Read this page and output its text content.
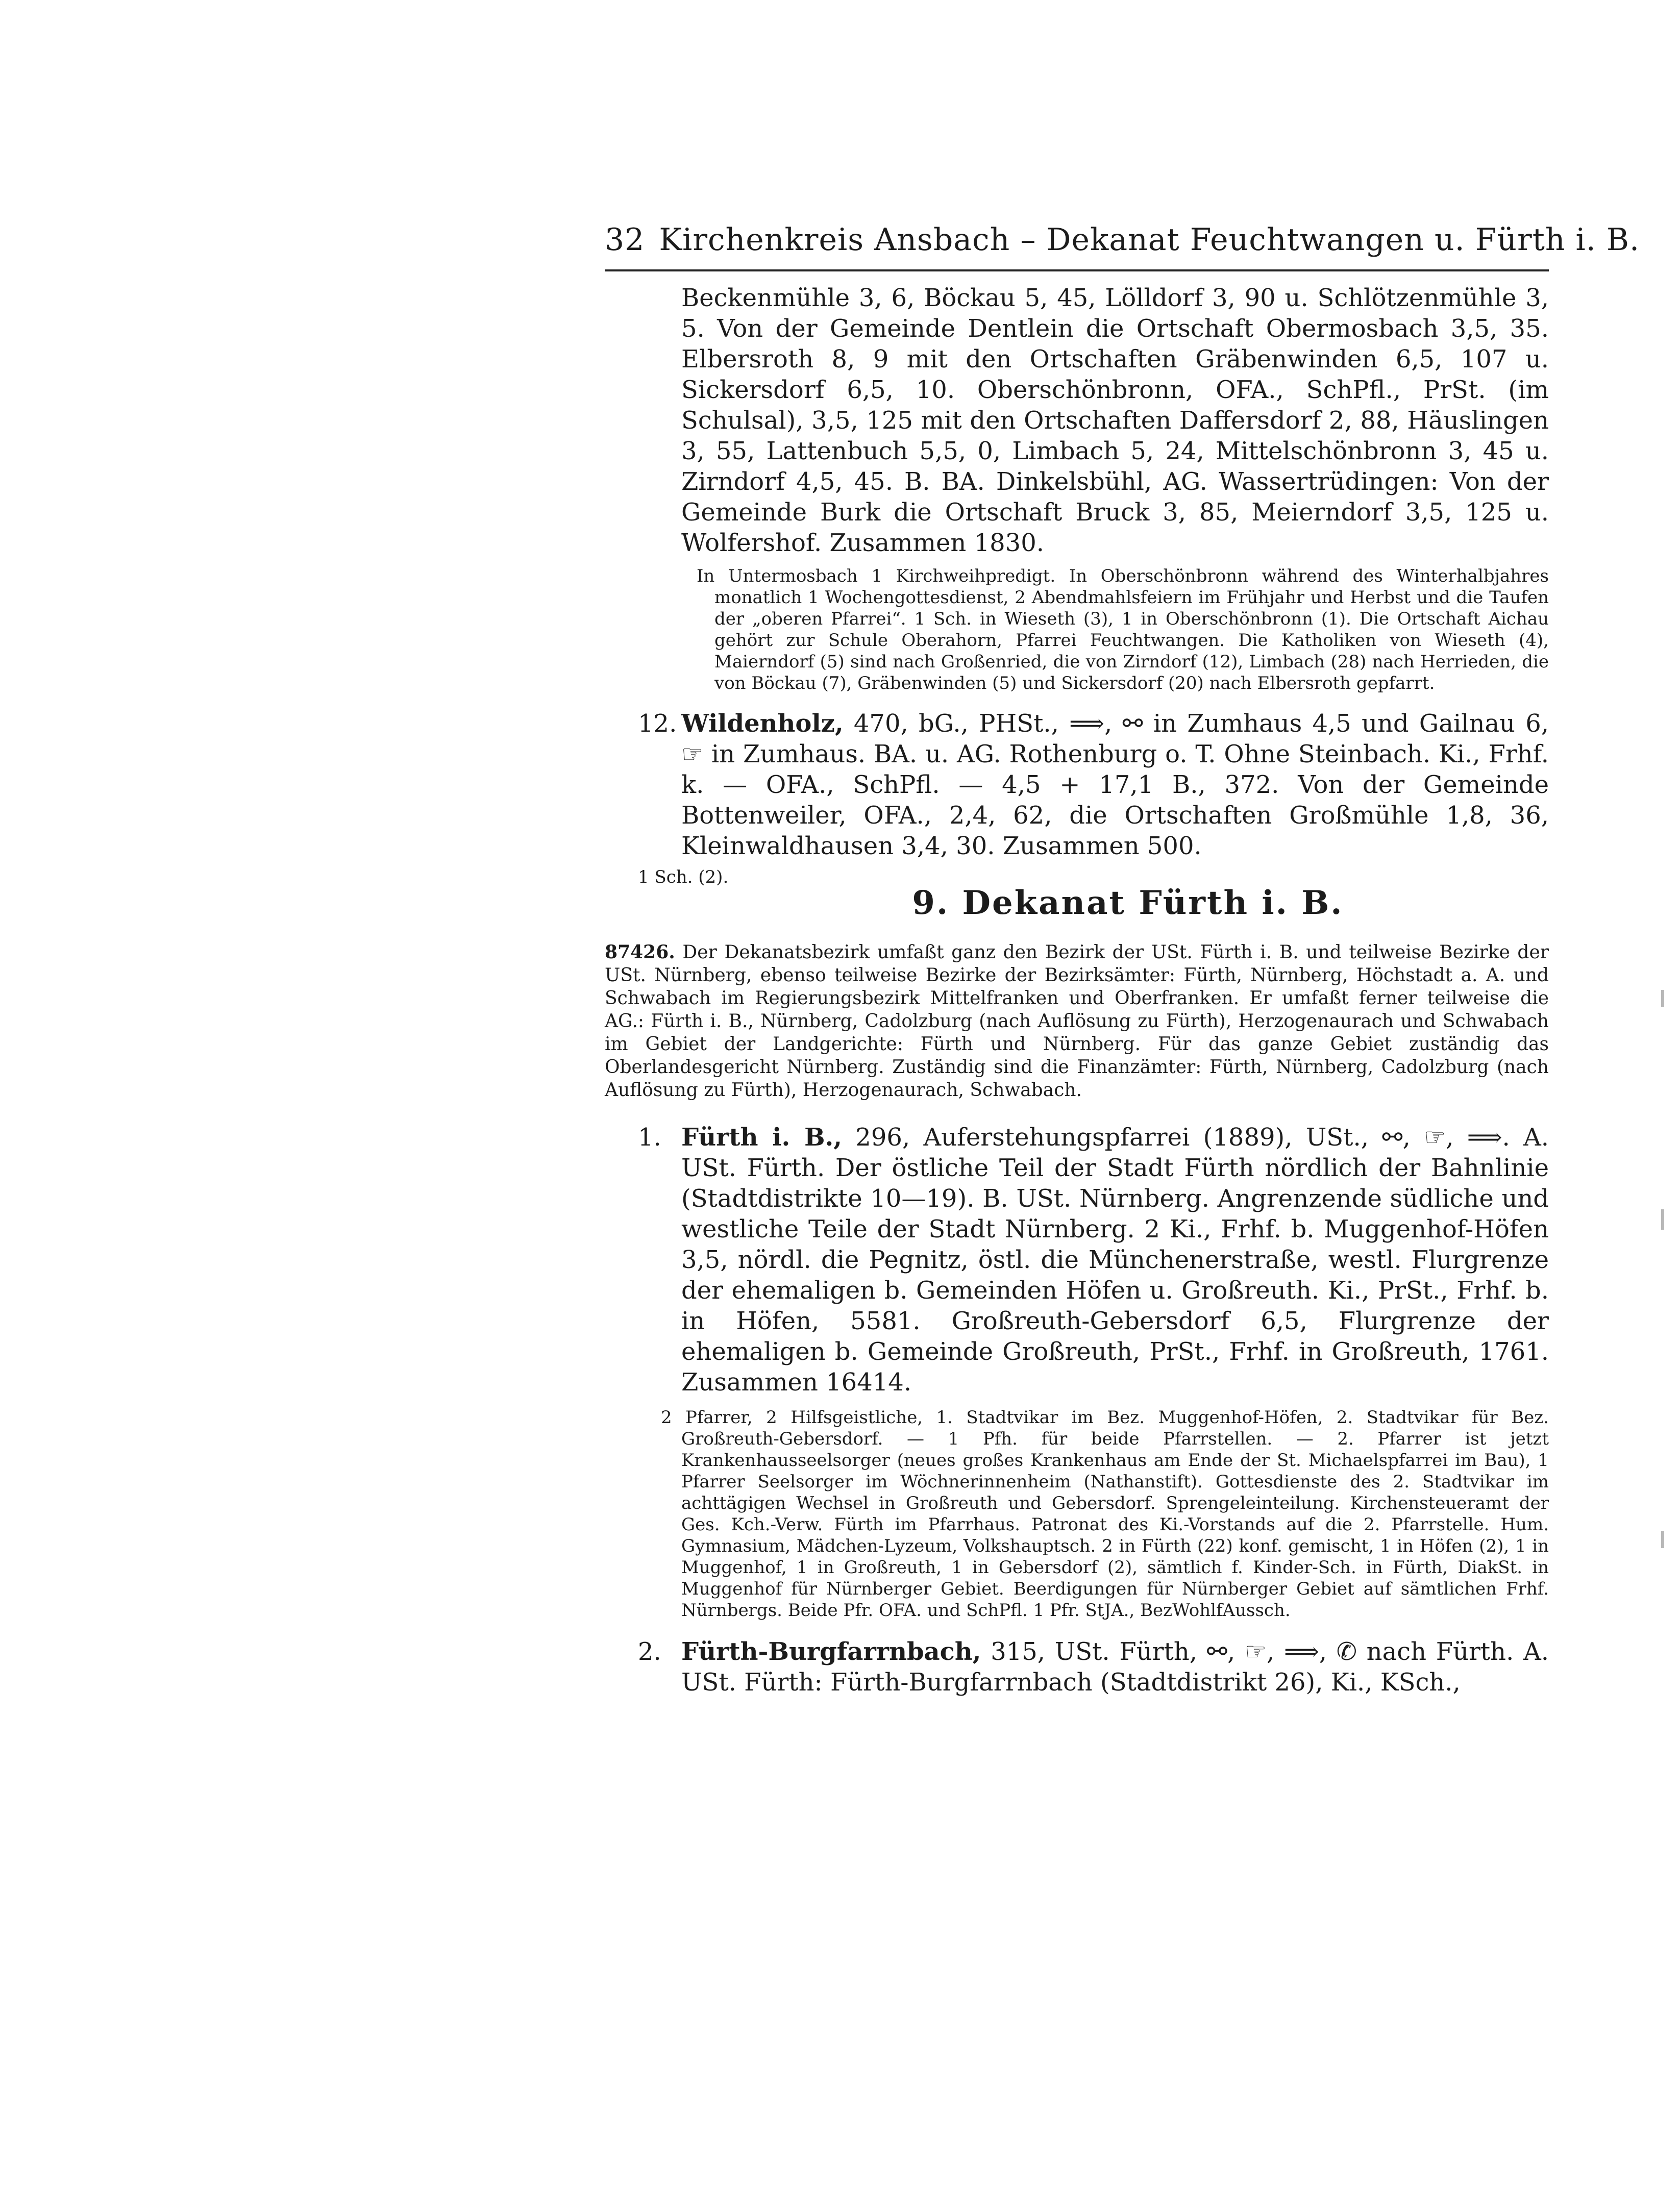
32 Kirchenkreis Ansbach – Dekanat Feuchtwangen u. Fürth i. B.
Beckenmühle 3, 6, Böckau 5, 45, Lölldorf 3, 90 u. Schlötzenmühle 3, 5. Von der Gemeinde Dentlein die Ortschaft Obermosbach 3,5, 35. Elbersroth 8, 9 mit den Ortschaften Gräbenwinden 6,5, 107 u. Sickersdorf 6,5, 10. Oberschönbronn, OFA., SchPfl., PrSt. (im Schulsal), 3,5, 125 mit den Ortschaften Daffersdorf 2, 88, Häuslingen 3, 55, Lattenbuch 5,5, 0, Limbach 5, 24, Mittelschönbronn 3, 45 u. Zirndorf 4,5, 45. B. BA. Dinkelsbühl, AG. Wassertrüdingen: Von der Gemeinde Burk die Ortschaft Bruck 3, 85, Meierndorf 3,5, 125 u. Wolfershof. Zusammen 1830.
In Untermosbach 1 Kirchweihpredigt. In Oberschönbronn während des Winterhalbjahres monatlich 1 Wochengottesdienst, 2 Abendmahlsfeiern im Frühjahr und Herbst und die Taufen der „oberen Pfarrei“. 1 Sch. in Wieseth (3), 1 in Oberschönbronn (1). Die Ortschaft Aichau gehört zur Schule Oberahorn, Pfarrei Feuchtwangen. Die Katholiken von Wieseth (4), Maierndorf (5) sind nach Großenried, die von Zirndorf (12), Limbach (28) nach Herrieden, die von Böckau (7), Gräbenwinden (5) und Sickersdorf (20) nach Elbersroth gepfarrt.
12. Wildenholz, 470, bG., PHSt., ⟹, ⚯ in Zumhaus 4,5 und Gailnau 6, ☞ in Zumhaus. BA. u. AG. Rothenburg o. T. Ohne Steinbach. Ki., Frhf. k. — OFA., SchPfl. — 4,5 + 17,1 B., 372. Von der Gemeinde Bottenweiler, OFA., 2,4, 62, die Ortschaften Großmühle 1,8, 36, Kleinwaldhausen 3,4, 30. Zusammen 500.
1 Sch. (2).
9. Dekanat Fürth i. B.
87426. Der Dekanatsbezirk umfaßt ganz den Bezirk der USt. Fürth i. B. und teilweise Bezirke der USt. Nürnberg, ebenso teilweise Bezirke der Bezirksämter: Fürth, Nürnberg, Höchstadt a. A. und Schwabach im Regierungsbezirk Mittelfranken und Oberfranken. Er umfaßt ferner teilweise die AG.: Fürth i. B., Nürnberg, Cadolzburg (nach Auflösung zu Fürth), Herzogenaurach und Schwabach im Gebiet der Landgerichte: Fürth und Nürnberg. Für das ganze Gebiet zuständig das Oberlandesgericht Nürnberg. Zuständig sind die Finanzämter: Fürth, Nürnberg, Cadolzburg (nach Auflösung zu Fürth), Herzogenaurach, Schwabach.
1. Fürth i. B., 296, Auferstehungspfarrei (1889), USt., ⚯, ☞, ⟹. A. USt. Fürth. Der östliche Teil der Stadt Fürth nördlich der Bahnlinie (Stadtdistrikte 10—19). B. USt. Nürnberg. Angrenzende südliche und westliche Teile der Stadt Nürnberg. 2 Ki., Frhf. b. Muggenhof-Höfen 3,5, nördl. die Pegnitz, östl. die Münchenerstraße, westl. Flurgrenze der ehemaligen b. Gemeinden Höfen u. Großreuth. Ki., PrSt., Frhf. b. in Höfen, 5581. Großreuth-Gebersdorf 6,5, Flurgrenze der ehemaligen b. Gemeinde Großreuth, PrSt., Frhf. in Großreuth, 1761. Zusammen 16414.
2 Pfarrer, 2 Hilfsgeistliche, 1. Stadtvikar im Bez. Muggenhof-Höfen, 2. Stadtvikar für Bez. Großreuth-Gebersdorf. — 1 Pfh. für beide Pfarrstellen. — 2. Pfarrer ist jetzt Krankenhausseelsorger (neues großes Krankenhaus am Ende der St. Michaelspfarrei im Bau), 1 Pfarrer Seelsorger im Wöchnerinnenheim (Nathanstift). Gottesdienste des 2. Stadtvikar im achttägigen Wechsel in Großreuth und Gebersdorf. Sprengeleinteilung. Kirchensteueramt der Ges. Kch.-Verw. Fürth im Pfarrhaus. Patronat des Ki.-Vorstands auf die 2. Pfarrstelle. Hum. Gymnasium, Mädchen-Lyzeum, Volkshauptsch. 2 in Fürth (22) konf. gemischt, 1 in Höfen (2), 1 in Muggenhof, 1 in Großreuth, 1 in Gebersdorf (2), sämtlich f. Kinder-Sch. in Fürth, DiakSt. in Muggenhof für Nürnberger Gebiet. Beerdigungen für Nürnberger Gebiet auf sämtlichen Frhf. Nürnbergs. Beide Pfr. OFA. und SchPfl. 1 Pfr. StJA., BezWohlfAussch.
2. Fürth-Burgfarrnbach, 315, USt. Fürth, ⚯, ☞, ⟹, ✆ nach Fürth. A. USt. Fürth: Fürth-Burgfarrnbach (Stadtdistrikt 26), Ki., KSch.,
